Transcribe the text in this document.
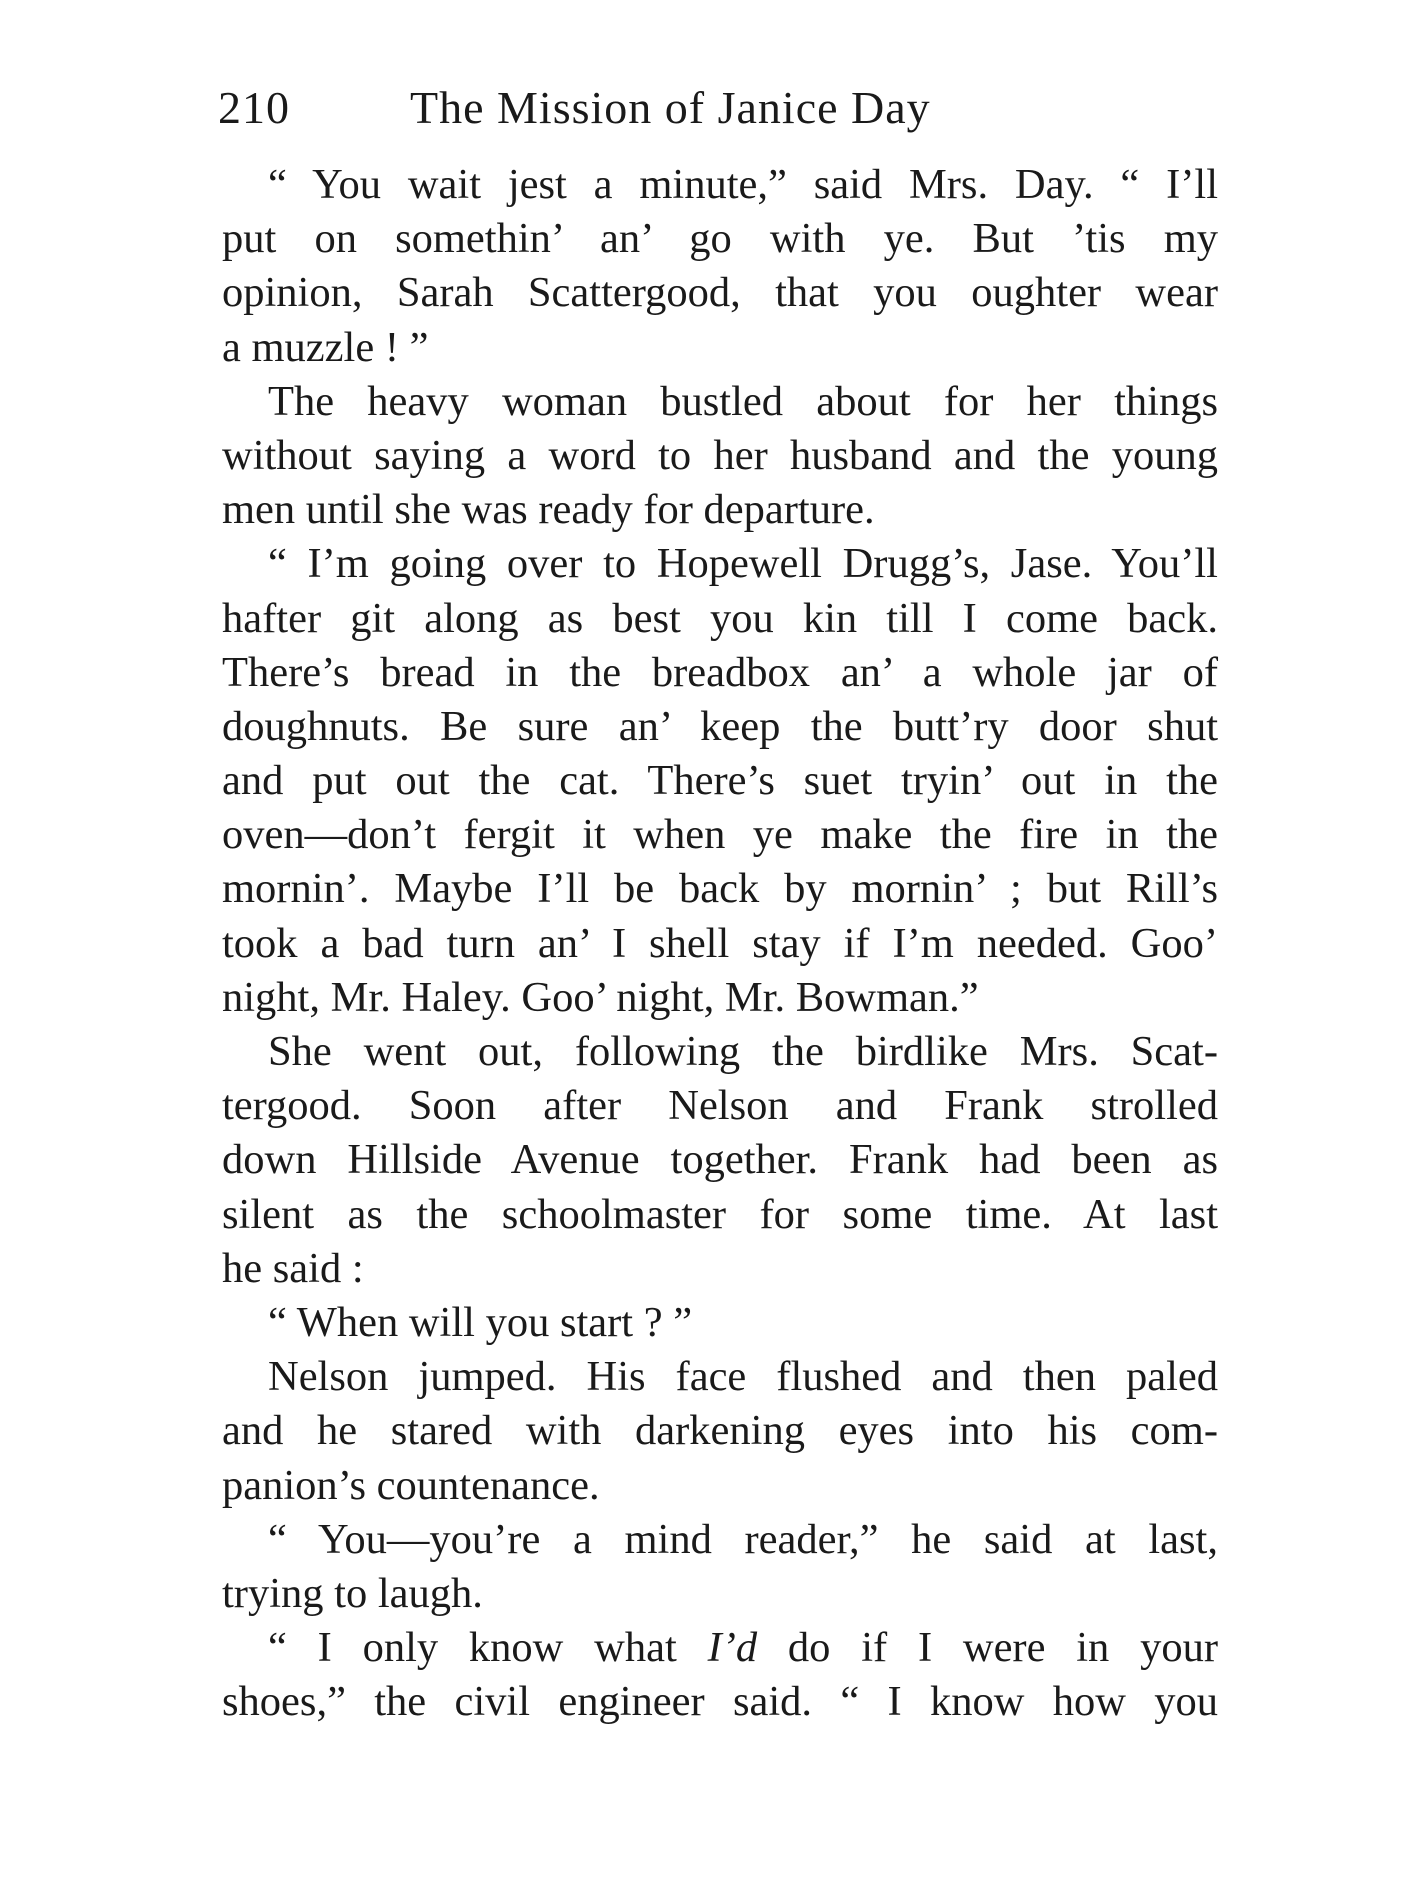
210	The Mission of Janice Day
“ You wait jest a minute,” said Mrs. Day. “ I’ll
put on somethin’ an’ go with ye. But ’tis my
opinion, Sarah Scattergood, that you oughter wear
a muzzle ! ”
The heavy woman bustled about for her things
without saying a word to her husband and the young
men until she was ready for departure.
“ I’m going over to Hopewell Drugg’s, Jase. You’ll
hafter git along as best you kin till I come back.
There’s bread in the breadbox an’ a whole jar of
doughnuts. Be sure an’ keep the butt’ry door shut
and put out the cat. There’s suet tryin’ out in the
oven—don’t fergit it when ye make the fire in the
mornin’. Maybe I’ll be back by mornin’ ; but Rill’s
took a bad turn an’ I shell stay if I’m needed. Goo’
night, Mr. Haley. Goo’ night, Mr. Bowman.”
She went out, following the birdlike Mrs. Scat-
tergood. Soon after Nelson and Frank strolled
down Hillside Avenue together. Frank had been as
silent as the schoolmaster for some time. At last
he said :
“ When will you start ? ”
Nelson jumped. His face flushed and then paled
and he stared with darkening eyes into his com-
panion’s countenance.
“ You—you’re a mind reader,” he said at last,
trying to laugh.
“ I only know what I’d do if I were in your
shoes,” the civil engineer said. “ I know how you
